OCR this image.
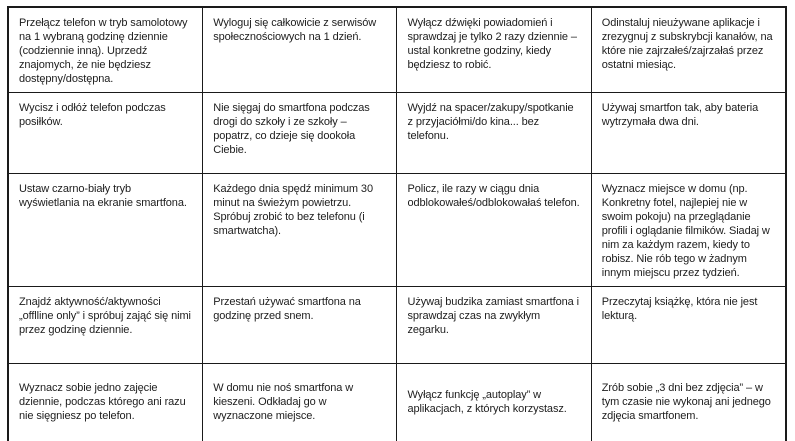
Przełącz telefon w tryb samolotowy na 1 wybraną godzinę dziennie (codziennie inną). Uprzedź znajomych, że nie będziesz dostępny/dostępna.	Wyloguj się całkowicie z serwisów społecznościowych na 1 dzień.	Wyłącz dźwięki powiadomień i sprawdzaj je tylko 2 razy dziennie – ustal konkretne godziny, kiedy będziesz to robić.	Odinstaluj nieużywane aplikacje i zrezygnuj z subskrybcji kanałów, na które nie zajrzałeś/zajrzałaś przez ostatni miesiąc.
Wycisz i odłóż telefon podczas posiłków.	Nie sięgaj do smartfona podczas drogi do szkoły i ze szkoły – popatrz, co dzieje się dookoła Ciebie.	Wyjdź na spacer/zakupy/spotkanie z przyjaciółmi/do kina... bez telefonu.	Używaj smartfon tak, aby bateria wytrzymała dwa dni.
Ustaw czarno-biały tryb wyświetlania na ekranie smartfona.	Każdego dnia spędź minimum 30 minut na świeżym powietrzu. Spróbuj zrobić to bez telefonu (i smartwatcha).	Policz, ile razy w ciągu dnia odblokowałeś/odblokowałaś telefon.	Wyznacz miejsce w domu (np. Konkretny fotel, najlepiej nie w swoim pokoju) na przeglądanie profili i oglądanie filmików. Siadaj w nim za każdym razem, kiedy to robisz. Nie rób tego w żadnym innym miejscu przez tydzień.
Znajdź aktywność/aktywności „offlline only” i spróbuj zająć się nimi przez godzinę dziennie.	Przestań używać smartfona na godzinę przed snem.	Używaj budzika zamiast smartfona i sprawdzaj czas na zwykłym zegarku.	Przeczytaj książkę, która nie jest lekturą.
Wyznacz sobie jedno zajęcie dziennie, podczas którego ani razu nie sięgniesz po telefon.	W domu nie noś smartfona w kieszeni. Odkładaj go w wyznaczone miejsce.	Wyłącz funkcję „autoplay” w aplikacjach, z których korzystasz.	Zrób sobie „3 dni bez zdjęcia” – w tym czasie nie wykonaj ani jednego zdjęcia smartfonem.
